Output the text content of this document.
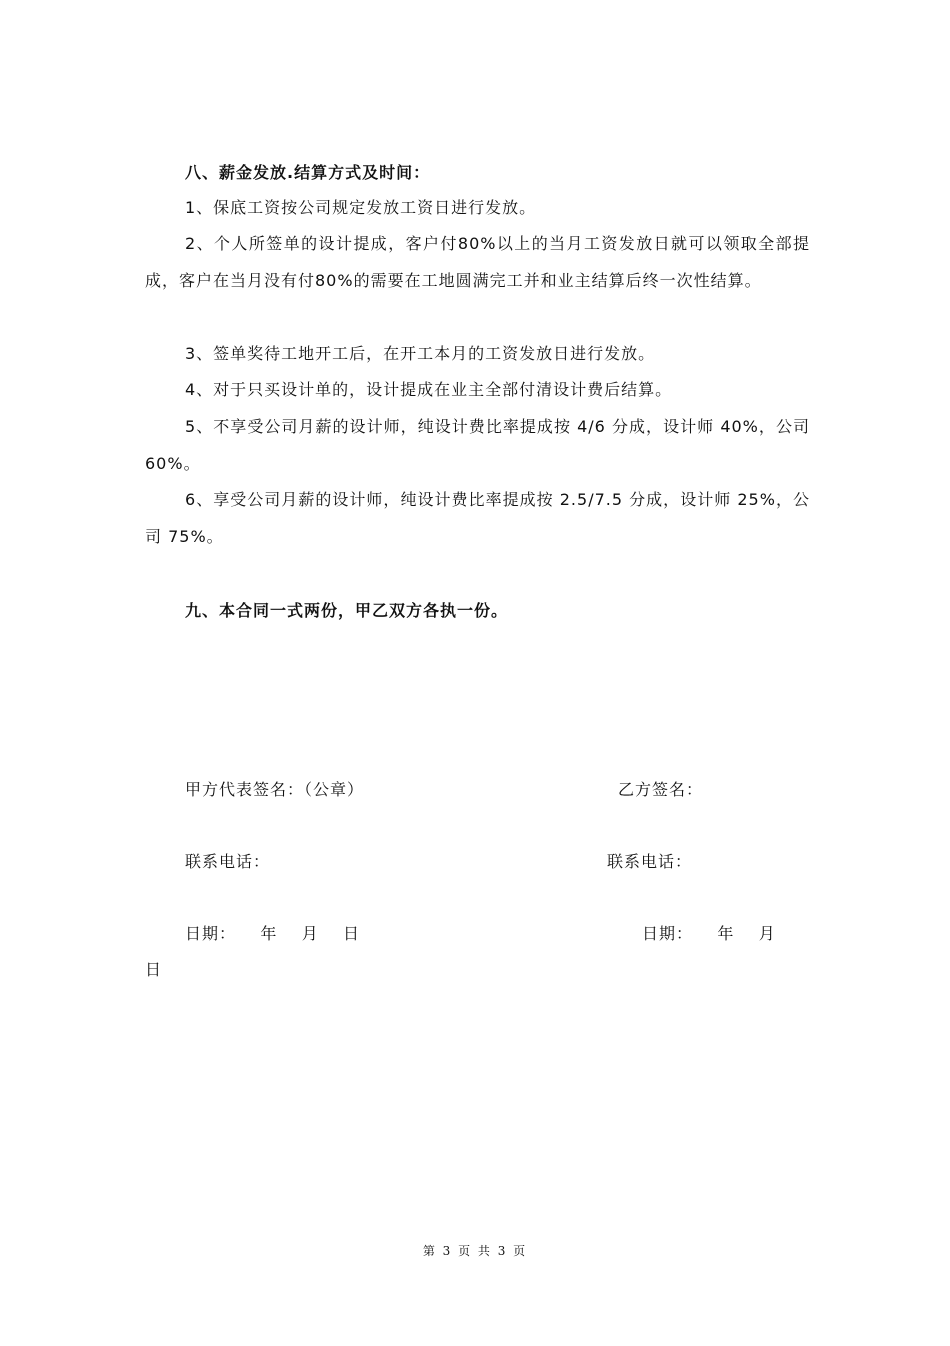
八、薪金发放.结算方式及时间：
1、保底工资按公司规定发放工资日进行发放。
2、个人所签单的设计提成，客户付80%以上的当月工资发放日就可以领取全部提成，客户在当月没有付80%的需要在工地圆满完工并和业主结算后终一次性结算。
3、签单奖待工地开工后，在开工本月的工资发放日进行发放。
4、对于只买设计单的，设计提成在业主全部付清设计费后结算。
5、不享受公司月薪的设计师，纯设计费比率提成按 4/6 分成，设计师 40%，公司 60%。
6、享受公司月薪的设计师，纯设计费比率提成按 2.5/7.5 分成，设计师 25%，公司 75%。
九、本合同一式两份，甲乙双方各执一份。
甲方代表签名：（公章）	乙方签名：
联系电话：	联系电话：
日期：    年    月    日	日期：    年    月
日
第 3 页 共 3 页
